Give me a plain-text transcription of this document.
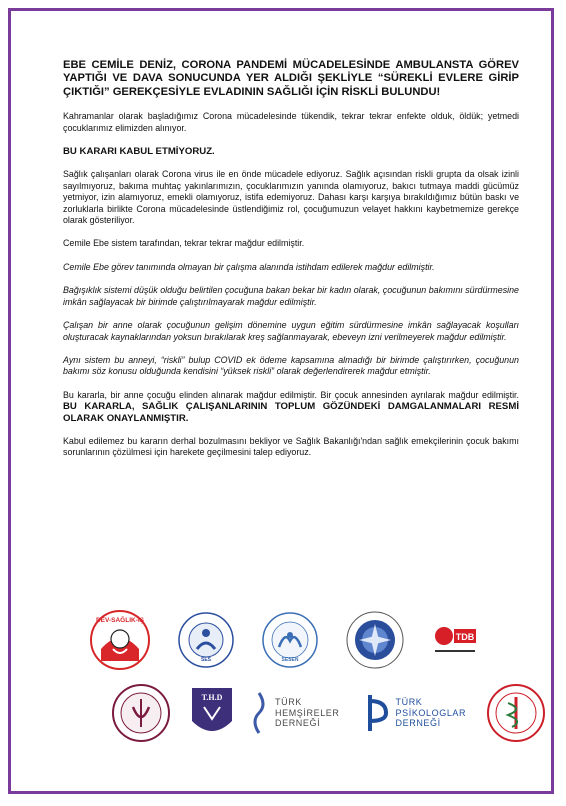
EBE CEMİLE DENİZ, CORONA PANDEMİ MÜCADELESİNDE AMBULANSTA GÖREV YAPTIĞI VE DAVA SONUCUNDA YER ALDIĞI ŞEKLİYLE “SÜREKLİ EVLERE GİRİP ÇIKTIĞI” GEREKÇESİYLE EVLADININ SAĞLIĞI İÇİN RİSKLİ BULUNDU!

Kahramanlar olarak başladığımız Corona mücadelesinde tükendik, tekrar tekrar enfekte olduk, öldük; yetmedi çocuklarımız elimizden alınıyor.

BU KARARI KABUL ETMİYORUZ.

Sağlık çalışanları olarak Corona virus ile en önde mücadele ediyoruz. Sağlık açısından riskli grupta da olsak izinli sayılmıyoruz, bakıma muhtaç yakınlarımızın, çocuklarımızın yanında olamıyoruz, bakıcı tutmaya maddi gücümüz yetmiyor, izin alamıyoruz, emekli olamıyoruz, istifa edemiyoruz. Dahası karşı karşıya bırakıldığımız bütün baskı ve zorluklarla birlikte Corona mücadelesinde üstlendiğimiz rol, çocuğumuzun velayet hakkını kaybetmemize gerekçe olarak gösteriliyor.

Cemile Ebe sistem tarafından, tekrar tekrar mağdur edilmiştir.

Cemile Ebe görev tanımında olmayan bir çalışma alanında istihdam edilerek mağdur edilmiştir.

Bağışıklık sistemi düşük olduğu belirtilen çocuğuna bakan bekar bir kadın olarak, çocuğunun bakımını sürdürmesine imkân sağlayacak bir birimde çalıştırılmayarak mağdur edilmiştir.

Çalışan bir anne olarak çocuğunun gelişim dönemine uygun eğitim sürdürmesine imkân sağlayacak koşulları oluşturacak kaynaklarından yoksun bırakılarak kreş sağlanmayarak, ebeveyn izni verilmeyerek mağdur edilmiştir.

Aynı sistem bu anneyi, “riskli” bulup COVID ek ödeme kapsamına almadığı bir birimde çalıştırırken, çocuğunun bakımı söz konusu olduğunda kendisini “yüksek riskli” olarak değerlendirerek mağdur etmiştir.

Bu kararla, bir anne çocuğu elinden alınarak mağdur edilmiştir. Bir çocuk annesinden ayrılarak mağdur edilmiştir. BU KARARLA, SAĞLIK ÇALIŞANLARININ TOPLUM GÖZÜNDEKİ DAMGALANMALARI RESMİ OLARAK ONAYLANMIŞTIR.

Kabul edilemez bu kararın derhal bozulmasını bekliyor ve Sağlık Bakanlığı'ndan sağlık emekçilerinin çocuk bakımı sorunlarının çözülmesi için harekete geçilmesini talep ediyoruz.

DEV-SAĞLIK-İŞ
SES	SESEN
TDB
T.H.D	TÜRK
HEMŞİRELER
DERNEĞİ
TÜRK
PSİKOLOGLAR
DERNEĞİ
